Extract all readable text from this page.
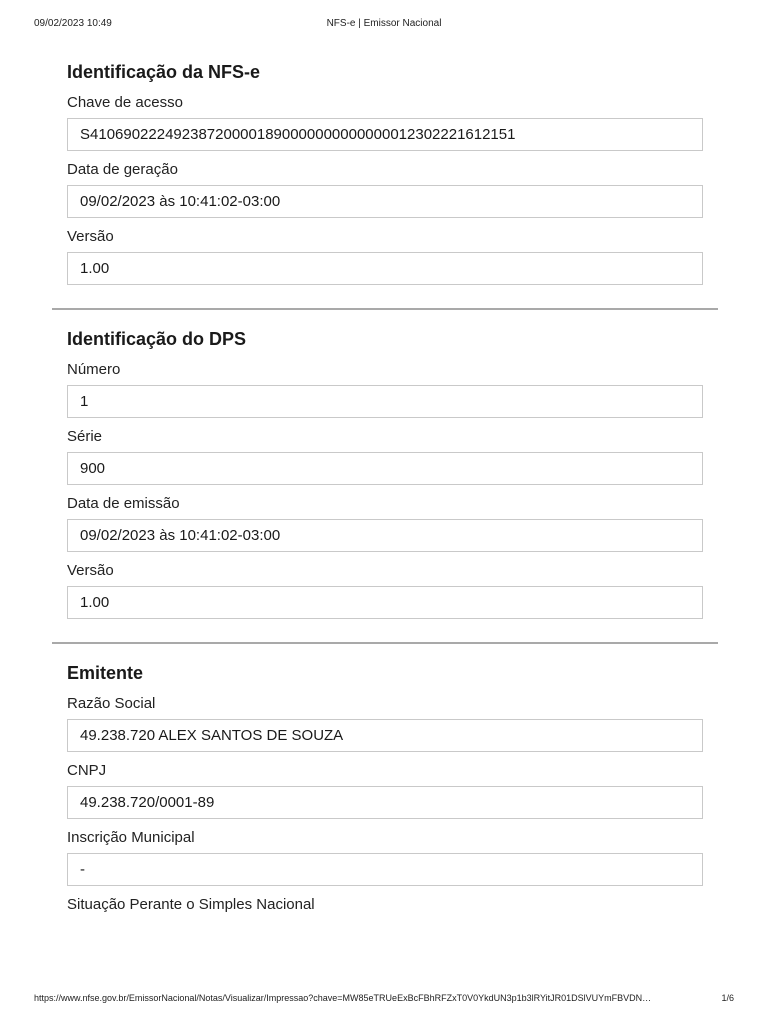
09/02/2023 10:49	NFS-e | Emissor Nacional
Identificação da NFS-e
Chave de acesso
S410690222492387200001890000000000000012302221612151
Data de geração
09/02/2023 às 10:41:02-03:00
Versão
1.00
Identificação do DPS
Número
1
Série
900
Data de emissão
09/02/2023 às 10:41:02-03:00
Versão
1.00
Emitente
Razão Social
49.238.720 ALEX SANTOS DE SOUZA
CNPJ
49.238.720/0001-89
Inscrição Municipal
-
Situação Perante o Simples Nacional
https://www.nfse.gov.br/EmissorNacional/Notas/Visualizar/Impressao?chave=MW85eTRUeExBcFBhRFZxT0V0YkdUN3p1b3lRYitJR01DSlVUYmFBVDN…	1/6
